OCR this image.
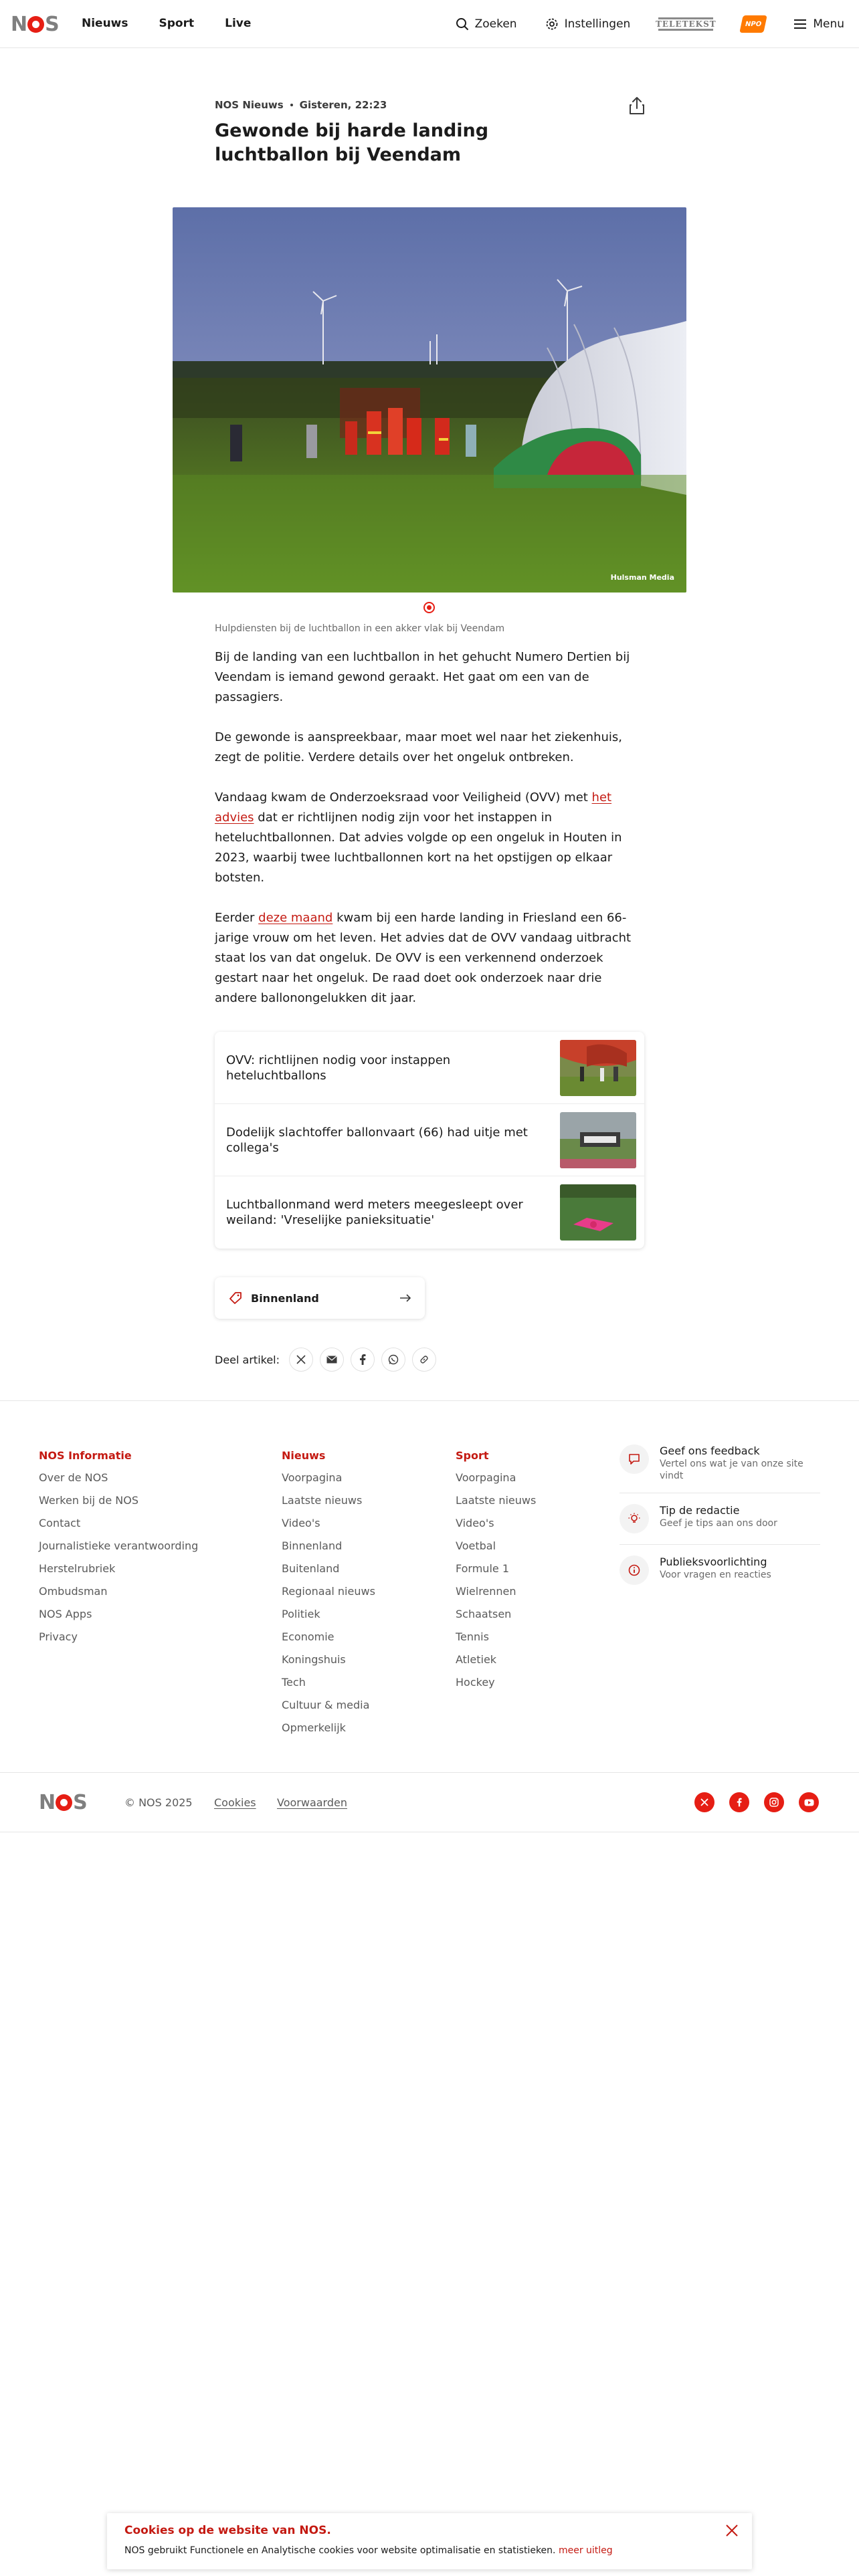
N S Nieuws	Sport	Live	Zoeken	Instellingen	TELETEKST	NPO	Menu
NOS Nieuws Gisteren, 22:23
Gewonde bij harde landing luchtballon bij Veendam
Hulsman Media
Hulpdiensten bij de luchtballon in een akker vlak bij Veendam

Bij de landing van een luchtballon in het gehucht Numero Dertien bij Veendam is iemand gewond geraakt. Het gaat om een van de passagiers.

De gewonde is aanspreekbaar, maar moet wel naar het ziekenhuis, zegt de politie. Verdere details over het ongeluk ontbreken.

Vandaag kwam de Onderzoeksraad voor Veiligheid (OVV) met het advies dat er richtlijnen nodig zijn voor het instappen in heteluchtballonnen. Dat advies volgde op een ongeluk in Houten in 2023, waarbij twee luchtballonnen kort na het opstijgen op elkaar botsten.

Eerder deze maand kwam bij een harde landing in Friesland een 66-jarige vrouw om het leven. Het advies dat de OVV vandaag uitbracht staat los van dat ongeluk. De OVV is een verkennend onderzoek gestart naar het ongeluk. De raad doet ook onderzoek naar drie andere ballonongelukken dit jaar.

OVV: richtlijnen nodig voor instappen heteluchtballons
Dodelijk slachtoffer ballonvaart (66) had uitje met collega's
Luchtballonmand werd meters meegesleept over weiland: 'Vreselijke panieksituatie'
Binnenland
Deel artikel:
NOS Informatie
Over de NOS
Werken bij de NOS
Contact
Journalistieke verantwoording
Herstelrubriek
Ombudsman
NOS Apps
Privacy
Nieuws
Voorpagina
Laatste nieuws
Video's
Binnenland
Buitenland
Regionaal nieuws
Politiek
Economie
Koningshuis
Tech
Cultuur & media
Opmerkelijk
Sport
Voorpagina
Laatste nieuws
Video's
Voetbal
Formule 1
Wielrennen
Schaatsen
Tennis
Atletiek
Hockey
Geef ons feedback
Vertel ons wat je van onze site vindt
Tip de redactie
Geef je tips aan ons door
Publieksvoorlichting
Voor vragen en reacties
N S	© NOS 2025 Cookies Voorwaarden
Cookies op de website van NOS.

NOS gebruikt Functionele en Analytische cookies voor website optimalisatie en statistieken. meer uitleg
